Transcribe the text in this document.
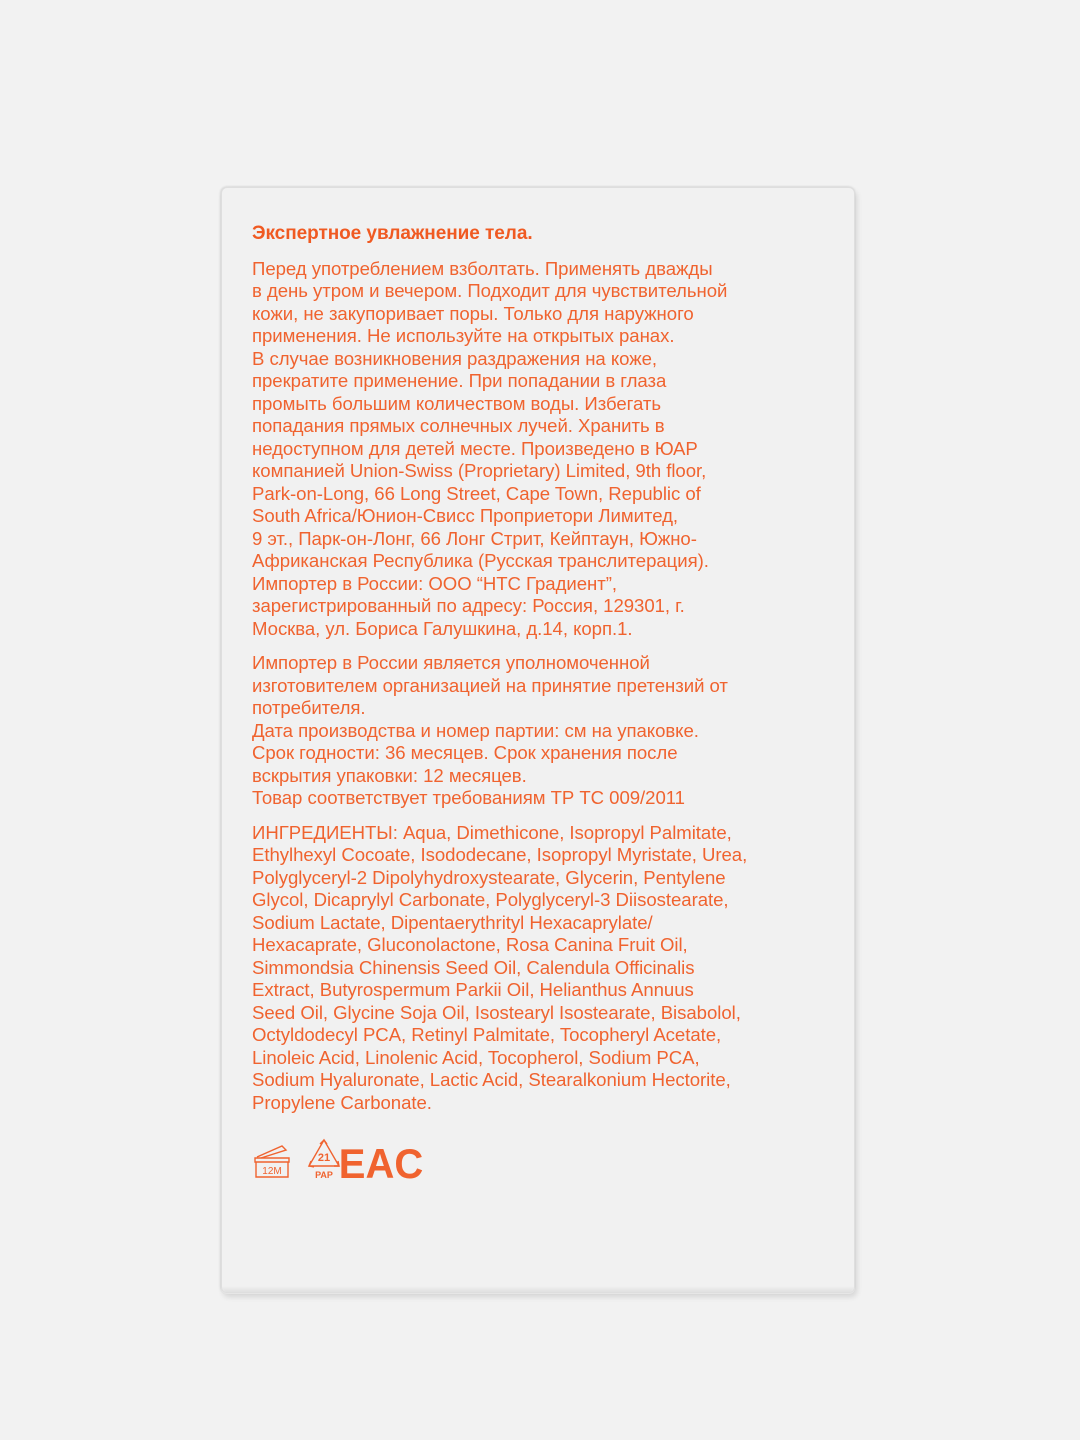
Экспертное увлажнение тела.

Перед употреблением взболтать. Применять дважды
в день утром и вечером. Подходит для чувствительной
кожи, не закупоривает поры. Только для наружного
применения. Не используйте на открытых ранах.
В случае возникновения раздражения на коже,
прекратите применение. При попадании в глаза
промыть большим количеством воды. Избегать
попадания прямых солнечных лучей. Хранить в
недоступном для детей месте. Произведено в ЮАР
компанией Union-Swiss (Proprietary) Limited, 9th floor,
Park-on-Long, 66 Long Street, Cape Town, Republic of
South Africa/Юнион-Свисс Проприетори Лимитед,
9 эт., Парк-он-Лонг, 66 Лонг Стрит, Кейптаун, Южно-
Африканская Республика (Русская транслитерация).
Импортер в России: ООО “НТС Градиент”,
зарегистрированный по адресу: Россия, 129301, г.
Москва, ул. Бориса Галушкина, д.14, корп.1.

Импортер в России является уполномоченной
изготовителем организацией на принятие претензий от
потребителя.
Дата производства и номер партии: см на упаковке.
Срок годности: 36 месяцев. Срок хранения после
вскрытия упаковки: 12 месяцев.
Товар соответствует требованиям ТР ТС 009/2011

ИНГРЕДИЕНТЫ: Aqua, Dimethicone, Isopropyl Palmitate,
Ethylhexyl Cocoate, Isododecane, Isopropyl Myristate, Urea,
Polyglyceryl-2 Dipolyhydroxystearate, Glycerin, Pentylene
Glycol, Dicaprylyl Carbonate, Polyglyceryl-3 Diisostearate,
Sodium Lactate, Dipentaerythrityl Hexacaprylate/
Hexacaprate, Gluconolactone, Rosa Canina Fruit Oil,
Simmondsia Chinensis Seed Oil, Calendula Officinalis
Extract, Butyrospermum Parkii Oil, Helianthus Annuus
Seed Oil, Glycine Soja Oil, Isostearyl Isostearate, Bisabolol,
Octyldodecyl PCA, Retinyl Palmitate, Tocopheryl Acetate,
Linoleic Acid, Linolenic Acid, Tocopherol, Sodium PCA,
Sodium Hyaluronate, Lactic Acid, Stearalkonium Hectorite,
Propylene Carbonate.

12M
21
PAP EAC
